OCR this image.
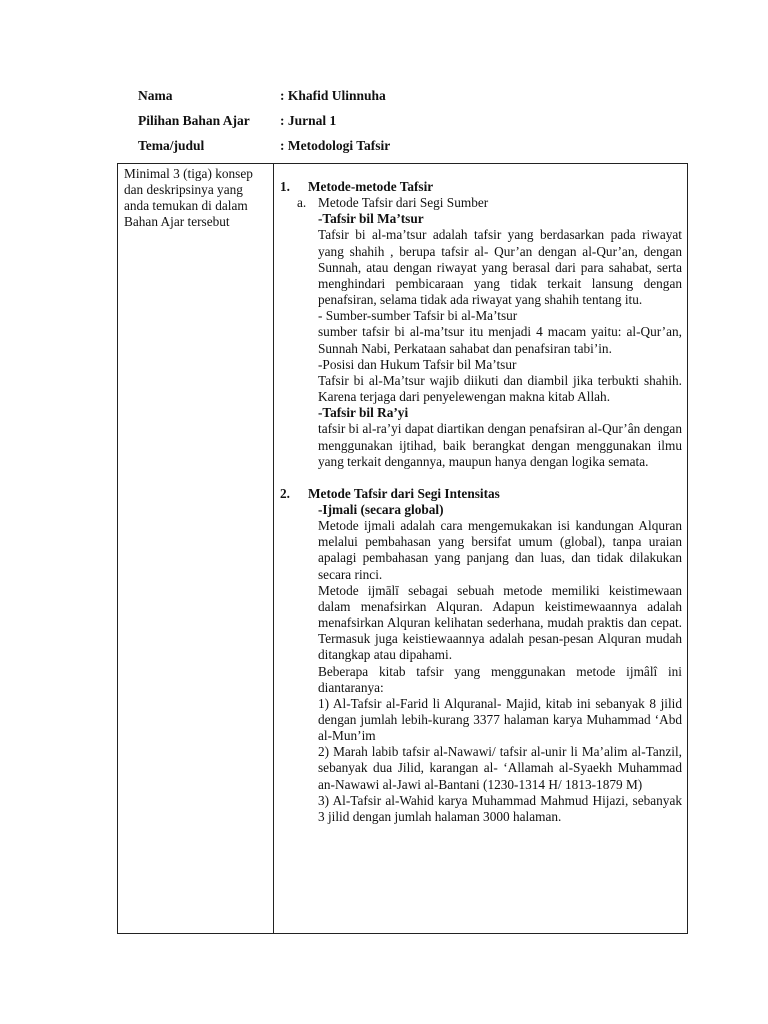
Nama	: Khafid Ulinnuha
Pilihan Bahan Ajar : Jurnal 1
Tema/judul	: Metodologi Tafsir
Minimal 3 (tiga) konsep dan deskripsinya yang anda temukan di dalam Bahan Ajar tersebut
1. Metode-metode Tafsir
a. Metode Tafsir dari Segi Sumber
-Tafsir bil Ma’tsur
Tafsir bi al-ma’tsur adalah tafsir yang berdasarkan pada riwayat yang shahih , berupa tafsir al- Qur’an dengan al-Qur’an, dengan Sunnah, atau dengan riwayat yang berasal dari para sahabat, serta menghindari pembicaraan yang tidak terkait lansung dengan penafsiran, selama tidak ada riwayat yang shahih tentang itu.
- Sumber-sumber Tafsir bi al-Ma’tsur
sumber tafsir bi al-ma’tsur itu menjadi 4 macam yaitu: al-Qur’an, Sunnah Nabi, Perkataan sahabat dan penafsiran tabi’in.
-Posisi dan Hukum Tafsir bil Ma’tsur
Tafsir bi al-Ma’tsur wajib diikuti dan diambil jika terbukti shahih. Karena terjaga dari penyelewengan makna kitab Allah.
-Tafsir bil Ra’yi
tafsir bi al-ra’yi dapat diartikan dengan penafsiran al-Qur’ân dengan menggunakan ijtihad, baik berangkat dengan menggunakan ilmu yang terkait dengannya, maupun hanya dengan logika semata.
2. Metode Tafsir dari Segi Intensitas
-Ijmali (secara global)
Metode ijmali adalah cara mengemukakan isi kandungan Alquran melalui pembahasan yang bersifat umum (global), tanpa uraian apalagi pembahasan yang panjang dan luas, dan tidak dilakukan secara rinci.
Metode ijmālī sebagai sebuah metode memiliki keistimewaan dalam menafsirkan Alquran. Adapun keistimewaannya adalah menafsirkan Alquran kelihatan sederhana, mudah praktis dan cepat. Termasuk juga keistiewaannya adalah pesan-pesan Alquran mudah ditangkap atau dipahami.
Beberapa kitab tafsir yang menggunakan metode ijmâlî ini diantaranya:
1) Al-Tafsir al-Farid li Alquranal- Majid, kitab ini sebanyak 8 jilid dengan jumlah lebih-kurang 3377 halaman karya Muhammad ‘Abd al-Mun’im
2) Marah labib tafsir al-Nawawi/ tafsir al-unir li Ma’alim al-Tanzil, sebanyak dua Jilid, karangan al- ‘Allamah al-Syaekh Muhammad an-Nawawi al-Jawi al-Bantani (1230-1314 H/ 1813-1879 M)
3) Al-Tafsir al-Wahid karya Muhammad Mahmud Hijazi, sebanyak 3 jilid dengan jumlah halaman 3000 halaman.
